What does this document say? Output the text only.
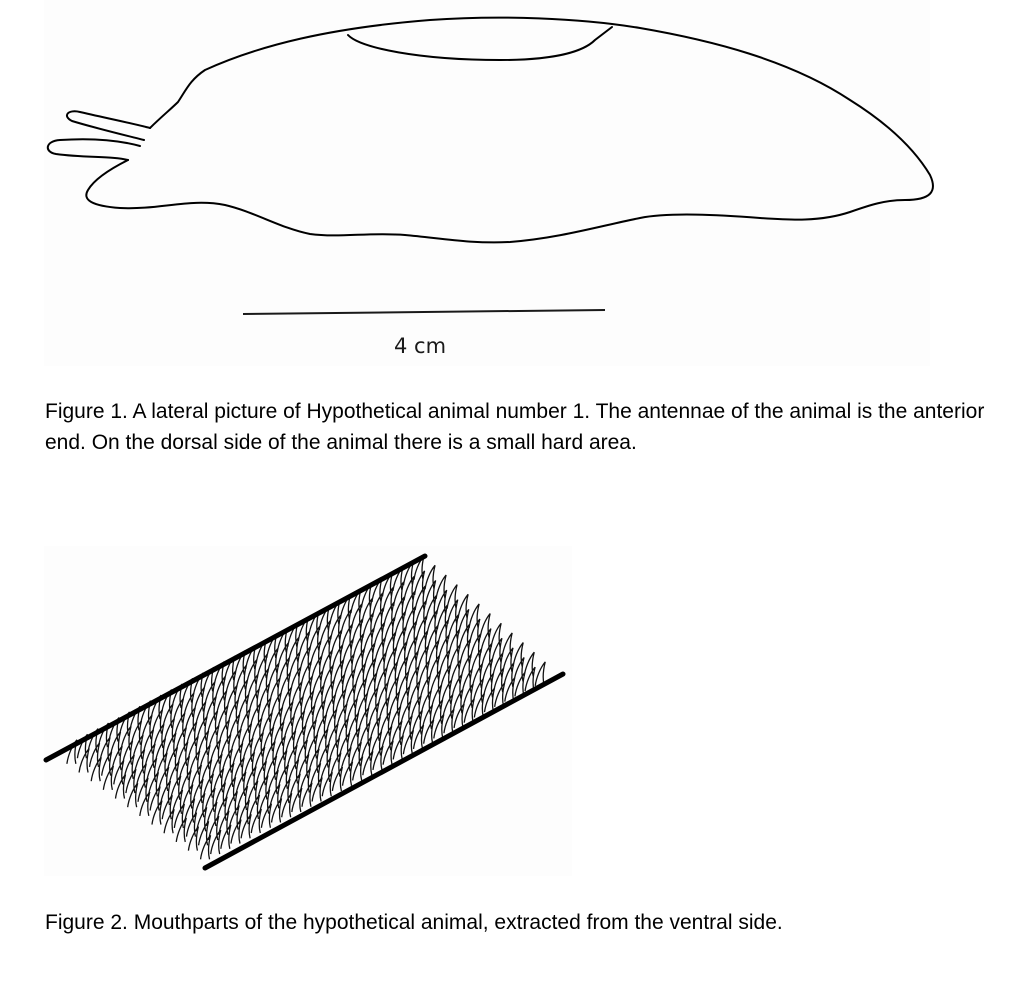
4 cm

Figure 1. A lateral picture of Hypothetical animal number 1. The antennae of the animal is the anterior end. On the dorsal side of the animal there is a small hard area.

Figure 2. Mouthparts of the hypothetical animal, extracted from the ventral side.
